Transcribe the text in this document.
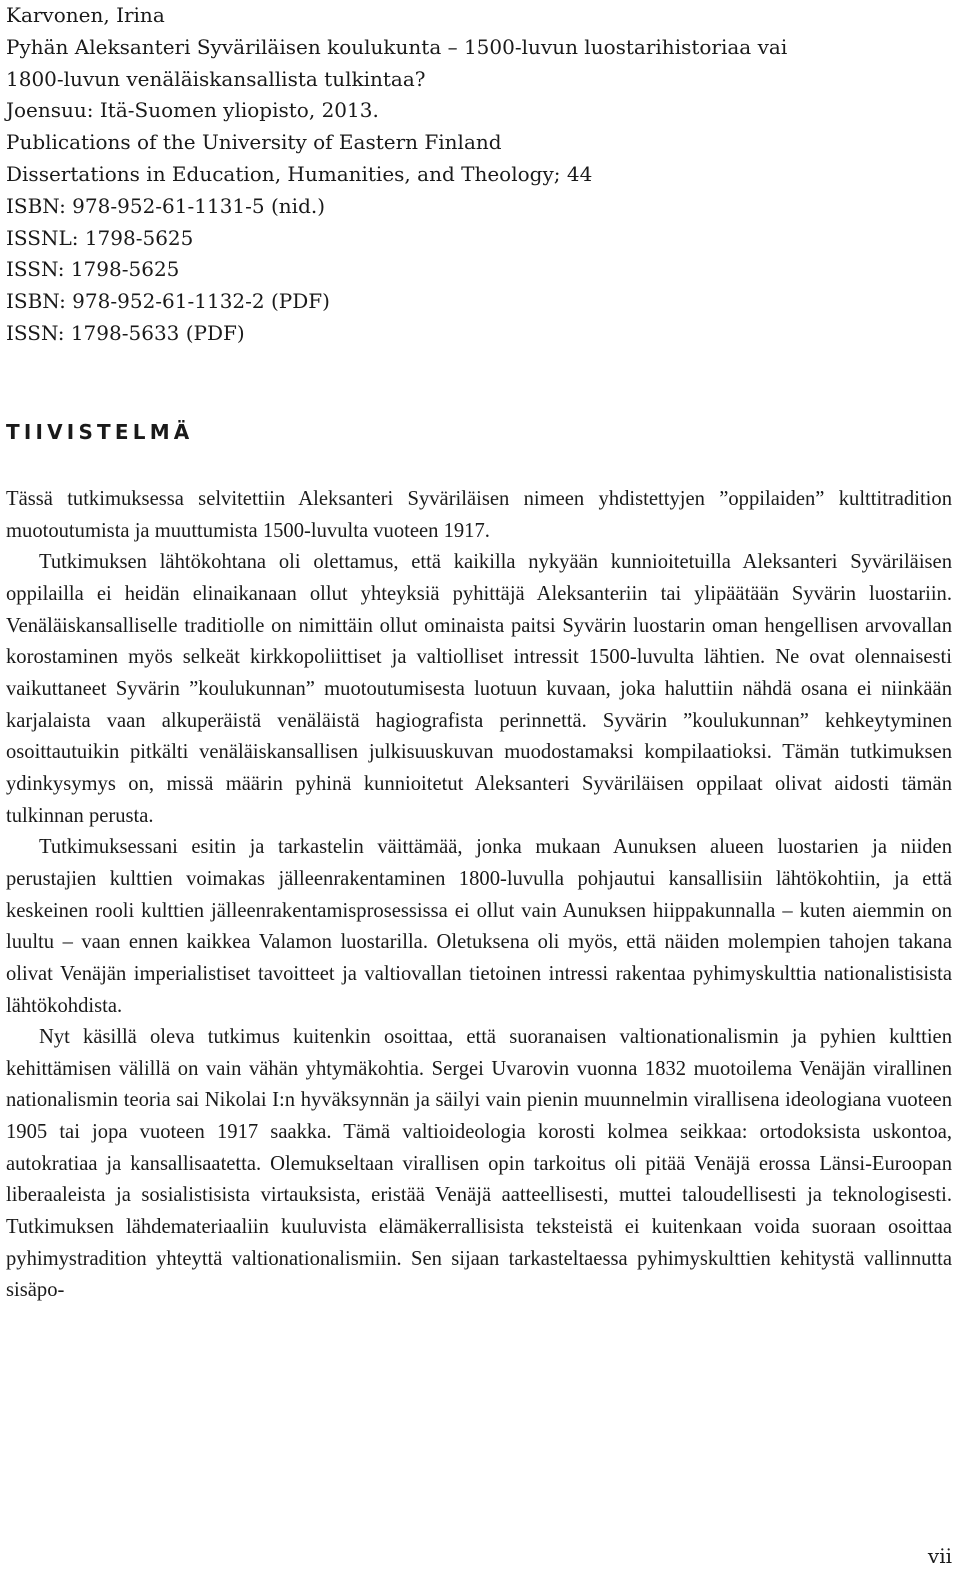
Karvonen, Irina
Pyhän Aleksanteri Syväriläisen koulukunta – 1500-luvun luostarihistoriaa vai
1800-luvun venäläiskansallista tulkintaa?
Joensuu: Itä-Suomen yliopisto, 2013.
Publications of the University of Eastern Finland
Dissertations in Education, Humanities, and Theology; 44
ISBN: 978-952-61-1131-5 (nid.)
ISSNL: 1798-5625
ISSN: 1798-5625
ISBN: 978-952-61-1132-2 (PDF)
ISSN: 1798-5633 (PDF)
TIIVISTELMÄ

Tässä tutkimuksessa selvitettiin Aleksanteri Syväriläisen nimeen yhdistettyjen ”oppilaiden” kulttitradition muotoutumista ja muuttumista 1500-luvulta vuoteen 1917.

Tutkimuksen lähtökohtana oli olettamus, että kaikilla nykyään kunnioitetuilla Aleksanteri Syväriläisen oppilailla ei heidän elinaikanaan ollut yhteyksiä pyhittäjä Aleksanteriin tai ylipäätään Syvärin luostariin. Venäläiskansalliselle traditiolle on nimittäin ollut ominaista paitsi Syvärin luostarin oman hengellisen arvovallan korostaminen myös selkeät kirkkopoliittiset ja valtiolliset intressit 1500-luvulta lähtien. Ne ovat olennaisesti vaikuttaneet Syvärin ”koulukunnan” muotoutumisesta luotuun kuvaan, joka haluttiin nähdä osana ei niinkään karjalaista vaan alkuperäistä venäläistä hagiografista perinnettä. Syvärin ”koulukunnan” kehkeytyminen osoittautuikin pitkälti venäläiskansallisen julkisuuskuvan muodostamaksi kompilaatioksi. Tämän tutkimuksen ydinkysymys on, missä määrin pyhinä kunnioitetut Aleksanteri Syväriläisen oppilaat olivat aidosti tämän tulkinnan perusta.

Tutkimuksessani esitin ja tarkastelin väittämää, jonka mukaan Aunuksen alueen luostarien ja niiden perustajien kulttien voimakas jälleenrakentaminen 1800-luvulla pohjautui kansallisiin lähtökohtiin, ja että keskeinen rooli kulttien jälleenrakentamisprosessissa ei ollut vain Aunuksen hiippakunnalla – kuten aiemmin on luultu – vaan ennen kaikkea Valamon luostarilla. Oletuksena oli myös, että näiden molempien tahojen takana olivat Venäjän imperialistiset tavoitteet ja valtiovallan tietoinen intressi rakentaa pyhimyskulttia nationalistisista lähtökohdista.

Nyt käsillä oleva tutkimus kuitenkin osoittaa, että suoranaisen valtionationalismin ja pyhien kulttien kehittämisen välillä on vain vähän yhtymäkohtia. Sergei Uvarovin vuonna 1832 muotoilema Venäjän virallinen nationalismin teoria sai Nikolai I:n hyväksynnän ja säilyi vain pienin muunnelmin virallisena ideologiana vuoteen 1905 tai jopa vuoteen 1917 saakka. Tämä valtioideologia korosti kolmea seikkaa: ortodoksista uskontoa, autokratiaa ja kansallisaatetta. Olemukseltaan virallisen opin tarkoitus oli pitää Venäjä erossa Länsi-Euroopan liberaaleista ja sosialistisista virtauksista, eristää Venäjä aatteellisesti, muttei taloudellisesti ja teknologisesti. Tutkimuksen lähdemateriaaliin kuuluvista elämäkerrallisista teksteistä ei kuitenkaan voida suoraan osoittaa pyhimystradition yhteyttä valtionationalismiin. Sen sijaan tarkasteltaessa pyhimyskulttien kehitystä vallinnutta sisäpo-

vii
